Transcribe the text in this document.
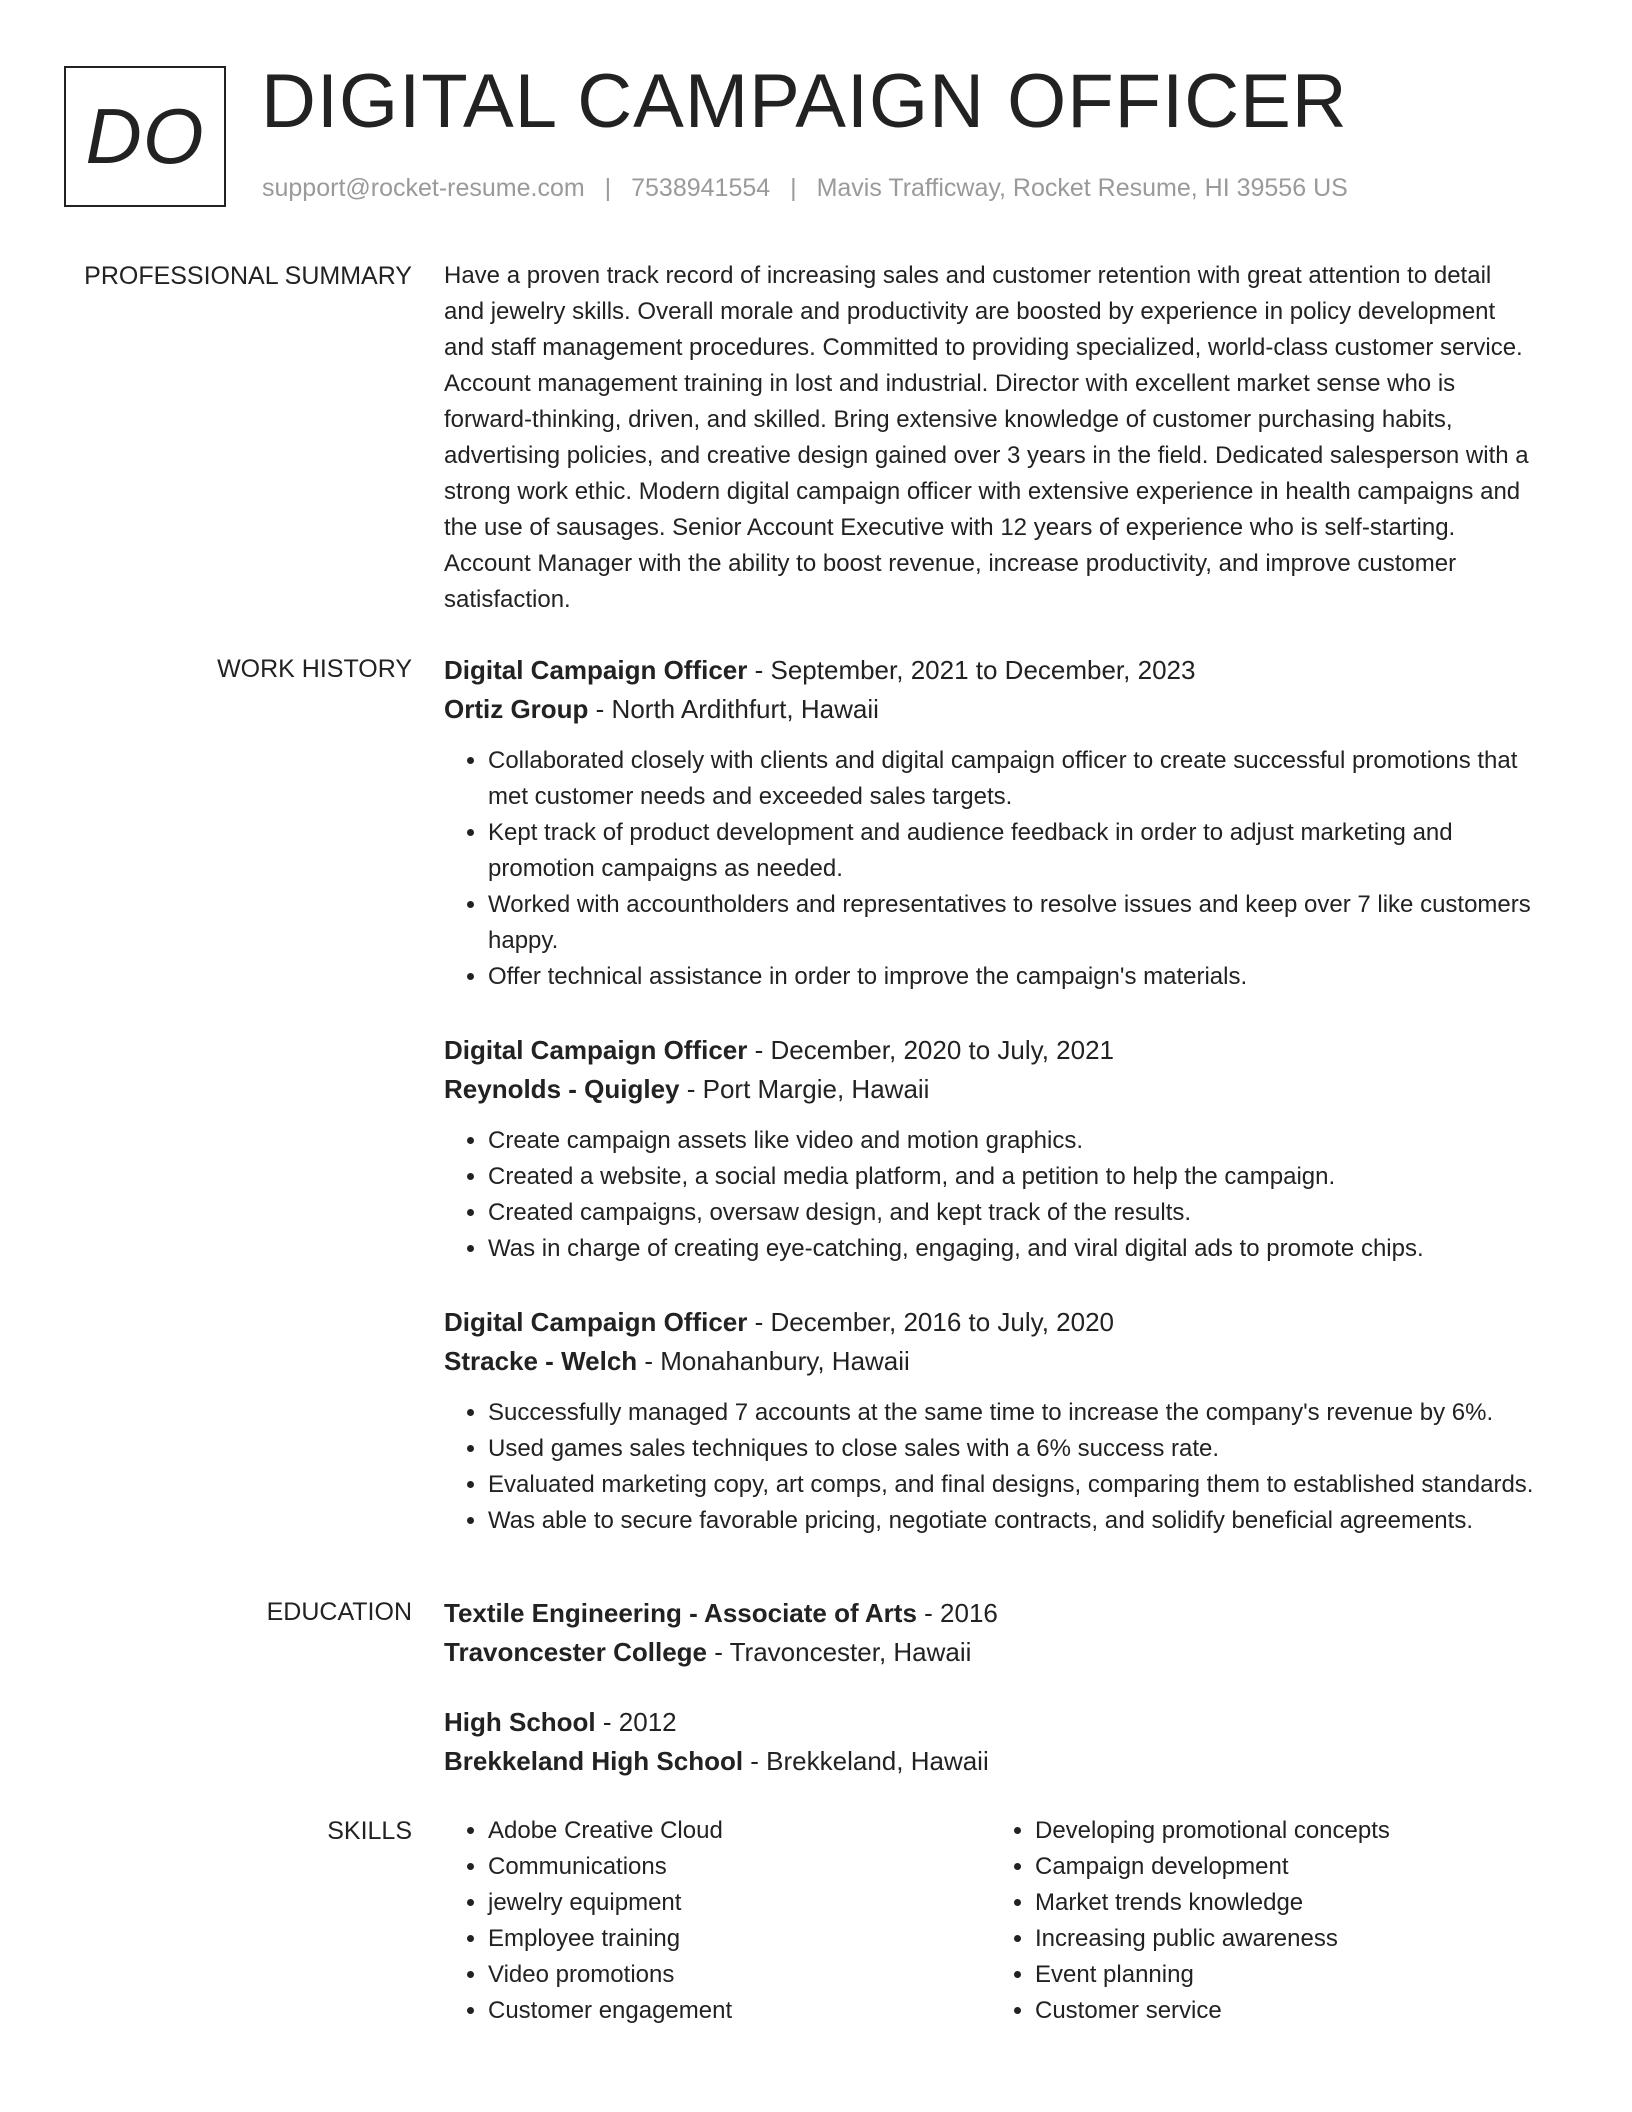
DO DIGITAL CAMPAIGN OFFICER
support@rocket-resume.com | 7538941554 | Mavis Trafficway, Rocket Resume, HI 39556 US
PROFESSIONAL SUMMARY Have a proven track record of increasing sales and customer retention with great attention to detail and jewelry skills. Overall morale and productivity are boosted by experience in policy development and staff management procedures. Committed to providing specialized, world-class customer service. Account management training in lost and industrial. Director with excellent market sense who is forward-thinking, driven, and skilled. Bring extensive knowledge of customer purchasing habits, advertising policies, and creative design gained over 3 years in the field. Dedicated salesperson with a strong work ethic. Modern digital campaign officer with extensive experience in health campaigns and the use of sausages. Senior Account Executive with 12 years of experience who is self-starting. Account Manager with the ability to boost revenue, increase productivity, and improve customer satisfaction.

WORK HISTORY Digital Campaign Officer - September, 2021 to December, 2023
Ortiz Group - North Ardithfurt, Hawaii
• Collaborated closely with clients and digital campaign officer to create successful promotions that met customer needs and exceeded sales targets.
• Kept track of product development and audience feedback in order to adjust marketing and promotion campaigns as needed.
• Worked with accountholders and representatives to resolve issues and keep over 7 like customers happy.
• Offer technical assistance in order to improve the campaign's materials.
Digital Campaign Officer - December, 2020 to July, 2021
Reynolds - Quigley - Port Margie, Hawaii
• Create campaign assets like video and motion graphics.
• Created a website, a social media platform, and a petition to help the campaign.
• Created campaigns, oversaw design, and kept track of the results.
• Was in charge of creating eye-catching, engaging, and viral digital ads to promote chips.
Digital Campaign Officer - December, 2016 to July, 2020
Stracke - Welch - Monahanbury, Hawaii
• Successfully managed 7 accounts at the same time to increase the company's revenue by 6%.
• Used games sales techniques to close sales with a 6% success rate.
• Evaluated marketing copy, art comps, and final designs, comparing them to established standards.
• Was able to secure favorable pricing, negotiate contracts, and solidify beneficial agreements.
EDUCATION Textile Engineering - Associate of Arts - 2016
Travoncester College - Travoncester, Hawaii
High School - 2012
Brekkeland High School - Brekkeland, Hawaii
SKILLS
•	Adobe Creative Cloud
• Communications
• jewelry equipment
• Employee training
• Video promotions
• Customer engagement
• Developing promotional concepts
• Campaign development
• Market trends knowledge
• Increasing public awareness
• Event planning
• Customer service
